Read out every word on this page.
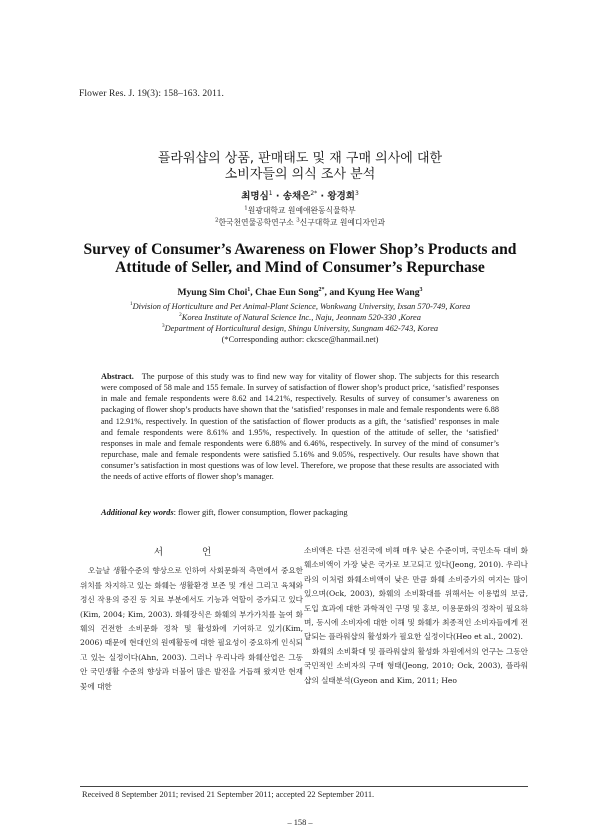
Flower Res. J. 19(3): 158–163. 2011.
플라워샵의 상품, 판매태도 및 재 구매 의사에 대한
소비자들의 의식 조사 분석
최명심$^1$ · 송채은$^{2*}$ · 왕경희$^3$
$^1$원광대학교 원예애완동식물학부
$^2$한국천연물공학연구소 $^3$신구대학교 원예디자인과
Survey of Consumer’s Awareness on Flower Shop’s Products and
Attitude of Seller, and Mind of Consumer’s Repurchase
Myung Sim Choi$^1$, Chae Eun Song$^{2*}$, and Kyung Hee Wang$^3$
$^1$Division of Horticulture and Pet Animal-Plant Science, Wonkwang University, Ixsan 570-749, Korea
$^2$Korea Institute of Natural Science Inc., Naju, Jeonnam 520-330 ,Korea
$^3$Department of Horticultural design, Shingu University, Sungnam 462-743, Korea
(*Corresponding author: ckcsce@hanmail.net)
Abstract. The purpose of this study was to find new way for vitality of flower shop. The subjects for this research were composed of 58 male and 155 female. In survey of satisfaction of flower shop’s product price, ‘satisfied’ responses in male and female respondents were 8.62 and 14.21%, respectively. Results of survey of consumer’s awareness on packaging of flower shop’s products have shown that the ‘satisfied’ responses in male and female respondents were 6.88 and 12.91%, respectively. In question of the satisfaction of flower products as a gift, the ‘satisfied’ responses in male and female respondents were 8.61% and 1.95%, respectively. In question of the attitude of seller, the ‘satisfied’ responses in male and female respondents were 6.88% and 6.46%, respectively. In survey of the mind of consumer’s repurchase, male and female respondents were satisfied 5.16% and 9.05%, respectively. Our results have shown that consumer’s satisfaction in most questions was of low level. Therefore, we propose that these results are associated with the needs of active efforts of flower shop’s manager.
Additional key words: flower gift, flower consumption, flower packaging
서 언

오늘날 생활수준의 향상으로 인하여 사회문화적 측면에서 중요한 위치를 차지하고 있는 화훼는 생활환경 보존 및 개선 그리고 육체와 정신 작용의 증진 등 치료 부분에서도 기능과 역할이 증가되고 있다(Kim, 2004; Kim, 2003). 화훼장식은 화훼의 부가가치를 높여 화훼의 건전한 소비문화 정착 및 활성화에 기여하고 있기(Kim, 2006) 때문에 현대인의 원예활동에 대한 필요성이 중요하게 인식되고 있는 실정이다(Ahn, 2003). 그러나 우리나라 화훼산업은 그동안 국민생활 수준의 향상과 더불어 많은 발전을 거듭해 왔지만 현재 꽃에 대한

소비액은 다른 선진국에 비해 매우 낮은 수준이며, 국민소득 대비 화훼소비액이 가장 낮은 국가로 보고되고 있다(Jeong, 2010). 우리나라의 이처럼 화훼소비액이 낮은 만큼 화훼 소비증가의 여지는 많이 있으며(Ock, 2003), 화훼의 소비확대를 위해서는 이용법의 보급, 도입 효과에 대한 과학적인 구명 및 홍보, 이용문화의 정착이 필요하며, 동시에 소비자에 대한 이해 및 화훼가 최종적인 소비자들에게 전달되는 플라워샵의 활성화가 필요한 실정이다(Heo et al., 2002).

화훼의 소비확대 및 플라워샵의 활성화 차원에서의 연구는 그동안 국민적인 소비자의 구매 형태(Jeong, 2010; Ock, 2003), 플라워샵의 실태분석(Gyeon and Kim, 2011; Heo

Received 8 September 2011; revised 21 September 2011; accepted 22 September 2011.
– 158 –
